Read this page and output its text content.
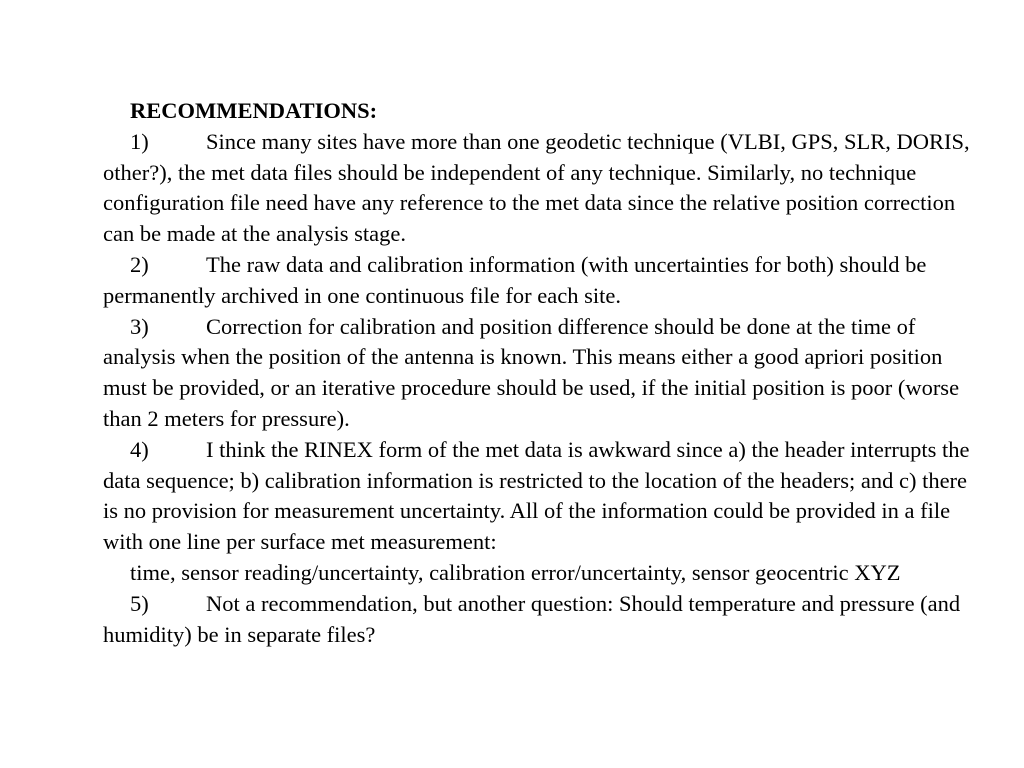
RECOMMENDATIONS:

1)	Since many sites have more than one geodetic technique (VLBI, GPS, SLR, DORIS, other?), the met data files should be independent of any technique. Similarly, no technique configuration file need have any reference to the met data since the relative position correction can be made at the analysis stage.

2)	The raw data and calibration information (with uncertainties for both) should be permanently archived in one continuous file for each site.

3)	Correction for calibration and position difference should be done at the time of analysis when the position of the antenna is known. This means either a good apriori position must be provided, or an iterative procedure should be used, if the initial position is poor (worse than 2 meters for pressure).

4)	I think the RINEX form of the met data is awkward since a) the header interrupts the data sequence; b) calibration information is restricted to the location of the headers; and c) there is no provision for measurement uncertainty. All of the information could be provided in a file with one line per surface met measurement:

time, sensor reading/uncertainty, calibration error/uncertainty, sensor geocentric XYZ

5)	Not a recommendation, but another question: Should temperature and pressure (and humidity) be in separate files?
